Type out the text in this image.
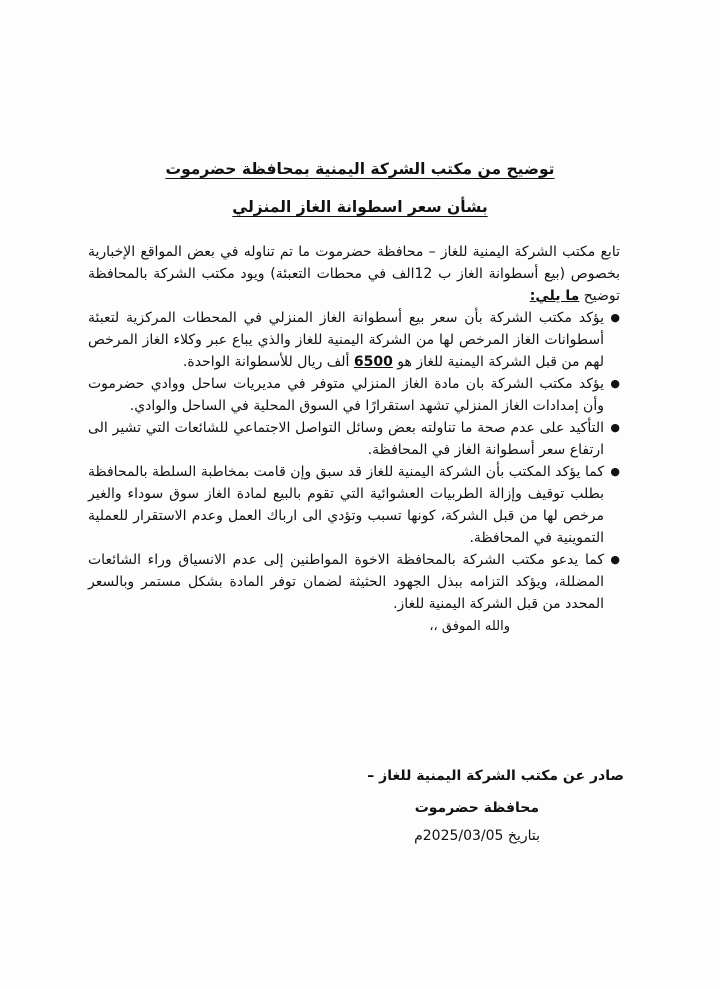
توضيح من مكتب الشركة اليمنية بمحافظة حضرموت
بشأن سعر اسطوانة الغاز المنزلي

تابع مكتب الشركة اليمنية للغاز – محافظة حضرموت ما تم تناوله في بعض المواقع الإخبارية بخصوص (بيع أسطوانة الغاز ب 12الف في محطات التعبئة) ويود مكتب الشركة بالمحافظة توضيح ما يلي:

●
يؤكد مكتب الشركة بأن سعر بيع أسطوانة الغاز المنزلي في المحطات المركزية لتعبئة أسطوانات الغاز المرخص لها من الشركة اليمنية للغاز والذي يباع عبر وكلاء الغاز المرخص لهم من قبل الشركة اليمنية للغاز هو 6500 ألف ريال للأسطوانة الواحدة.
●
يؤكد مكتب الشركة بان مادة الغاز المنزلي متوفر في مديريات ساحل ووادي حضرموت وأن إمدادات الغاز المنزلي تشهد استقرارًا في السوق المحلية في الساحل والوادي.
●
التأكيد على عدم صحة ما تناولته بعض وسائل التواصل الاجتماعي للشائعات التي تشير الى ارتفاع سعر أسطوانة الغاز في المحافظة.
●
كما يؤكد المكتب بأن الشركة اليمنية للغاز قد سبق وإن قامت بمخاطبة السلطة بالمحافظة بطلب توقيف وإزالة الطربيات العشوائية التي تقوم بالبيع لمادة الغاز سوق سوداء والغير مرخص لها من قبل الشركة، كونها تسبب وتؤدي الى ارباك العمل وعدم الاستقرار للعملية التموينية في المحافظة.
●
كما يدعو مكتب الشركة بالمحافظة الاخوة المواطنين إلى عدم الانسياق وراء الشائعات المضللة، ويؤكد التزامه ببذل الجهود الحثيثة لضمان توفر المادة بشكل مستمر وبالسعر المحدد من قبل الشركة اليمنية للغاز.
والله الموفق ،،
صادر عن مكتب الشركة اليمنية للغاز –
محافظة حضرموت
بتاريخ 2025/03/05م
